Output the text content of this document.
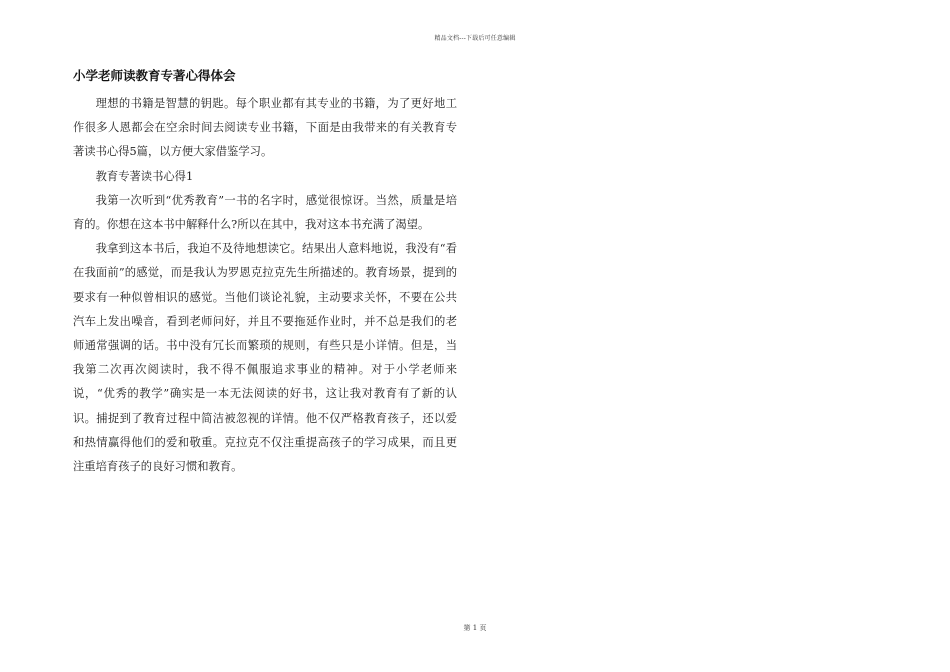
精品文档---下载后可任意编辑
小学老师读教育专著心得体会

理想的书籍是智慧的钥匙。每个职业都有其专业的书籍，为了更好地工作很多人恩都会在空余时间去阅读专业书籍，下面是由我带来的有关教育专著读书心得5篇，以方便大家借鉴学习。

教育专著读书心得1

我第一次听到“优秀教育”一书的名字时，感觉很惊讶。当然，质量是培育的。你想在这本书中解释什么?所以在其中，我对这本书充满了渴望。

我拿到这本书后，我迫不及待地想读它。结果出人意料地说，我没有“看在我面前”的感觉，而是我认为罗恩克拉克先生所描述的。教育场景，提到的要求有一种似曾相识的感觉。当他们谈论礼貌，主动要求关怀，不要在公共汽车上发出噪音，看到老师问好，并且不要拖延作业时，并不总是我们的老师通常强调的话。书中没有冗长而繁琐的规则，有些只是小详情。但是，当我第二次再次阅读时，我不得不佩服追求事业的精神。对于小学老师来说，“优秀的教学”确实是一本无法阅读的好书，这让我对教育有了新的认识。捕捉到了教育过程中简洁被忽视的详情。他不仅严格教育孩子，还以爱和热情赢得他们的爱和敬重。克拉克不仅注重提高孩子的学习成果，而且更注重培育孩子的良好习惯和教育。

第 1 页
